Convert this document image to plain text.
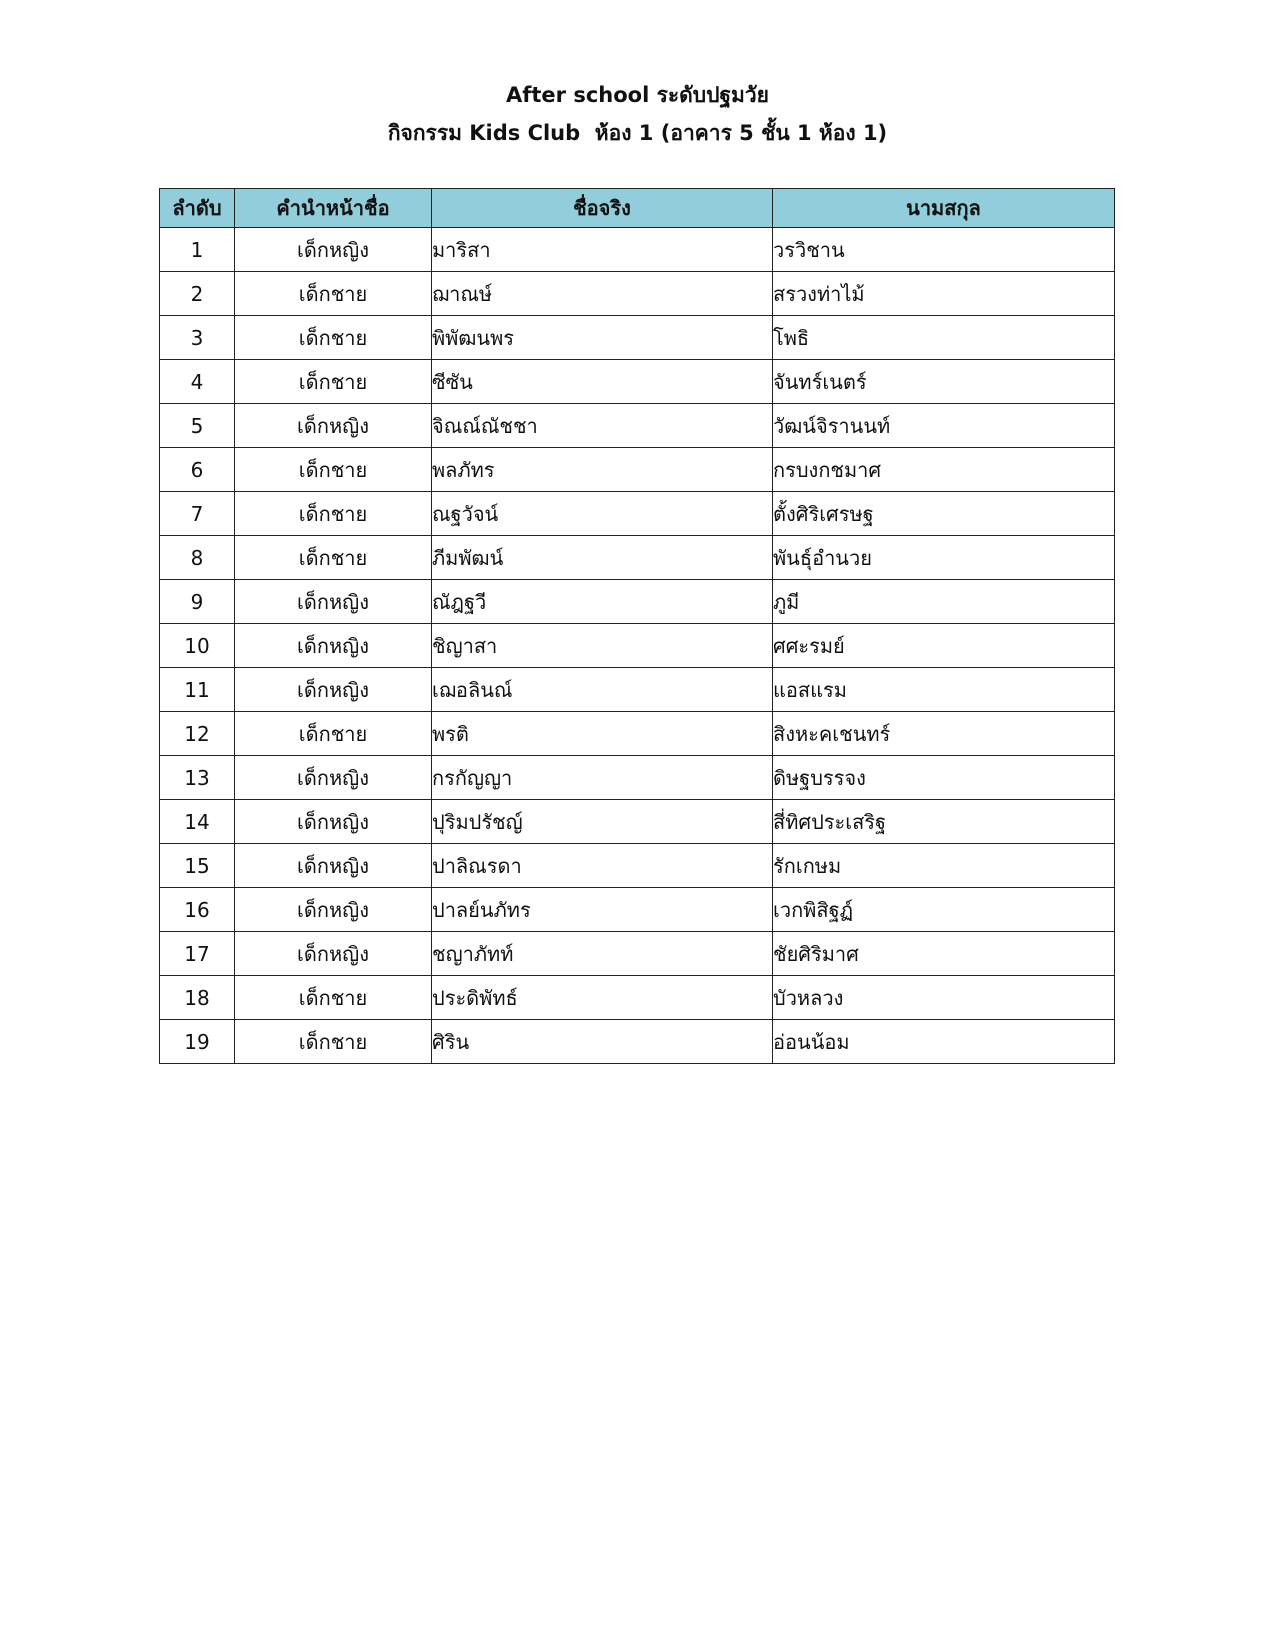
After school ระดับปฐมวัย
กิจกรรม Kids Club  ห้อง 1 (อาคาร 5 ชั้น 1 ห้อง 1)
ลำดับ	คำนำหน้าชื่อ	ชื่อจริง	นามสกุล
1	เด็กหญิง	มาริสา	วรวิชาน
2	เด็กชาย	ฌาณษ์	สรวงท่าไม้
3	เด็กชาย	พิพัฒนพร	โพธิ
4	เด็กชาย	ซีซัน	จันทร์เนตร์
5	เด็กหญิง	จิณณ์ณัชชา	วัฒน์จิรานนท์
6	เด็กชาย	พลภัทร	กรบงกชมาศ
7	เด็กชาย	ณฐวัจน์	ตั้งศิริเศรษฐ
8	เด็กชาย	ภีมพัฒน์	พันธุ์อำนวย
9	เด็กหญิง	ณัฎฐวี	ภูมี
10	เด็กหญิง	ชิญาสา	ศศะรมย์
11	เด็กหญิง	เฌอลินณ์	แอสแรม
12	เด็กชาย	พรติ	สิงหะคเชนทร์
13	เด็กหญิง	กรกัญญา	ดิษฐบรรจง
14	เด็กหญิง	ปุริมปรัชญ์	สี่ทิศประเสริฐ
15	เด็กหญิง	ปาลิณรดา	รักเกษม
16	เด็กหญิง	ปาลย์นภัทร	เวกพิสิฐฏ์
17	เด็กหญิง	ชญาภัทท์	ชัยศิริมาศ
18	เด็กชาย	ประดิพัทธ์	บัวหลวง
19	เด็กชาย	ศิริน	อ่อนน้อม
